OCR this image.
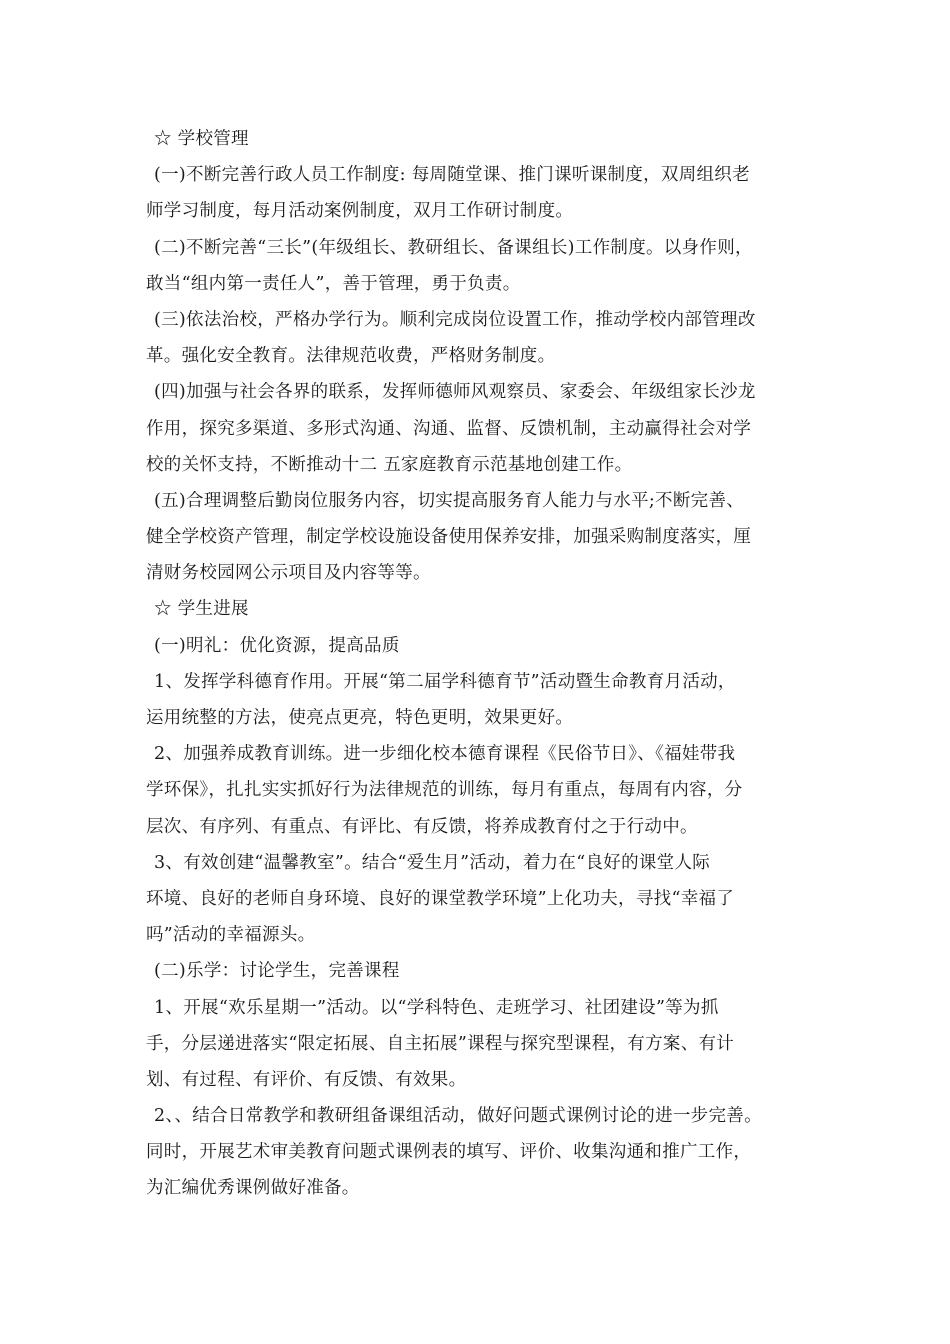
☆ 学校管理
(一)不断完善行政人员工作制度: 每周随堂课、推门课听课制度，双周组织老
师学习制度，每月活动案例制度，双月工作研讨制度。
(二)不断完善“三长”(年级组长、教研组长、备课组长)工作制度。以身作则，
敢当“组内第一责任人”，善于管理，勇于负责。
(三)依法治校，严格办学行为。顺利完成岗位设置工作，推动学校内部管理改
革。强化安全教育。法律规范收费，严格财务制度。
(四)加强与社会各界的联系，发挥师德师风观察员、家委会、年级组家长沙龙
作用，探究多渠道、多形式沟通、沟通、监督、反馈机制，主动赢得社会对学
校的关怀支持，不断推动十二 五家庭教育示范基地创建工作。
(五)合理调整后勤岗位服务内容，切实提高服务育人能力与水平;不断完善、
健全学校资产管理，制定学校设施设备使用保养安排，加强采购制度落实，厘
清财务校园网公示项目及内容等等。
☆ 学生进展
(一)明礼：优化资源，提高品质
1、发挥学科德育作用。开展“第二届学科德育节”活动暨生命教育月活动，
运用统整的方法，使亮点更亮，特色更明，效果更好。
2、加强养成教育训练。进一步细化校本德育课程《民俗节日》、《福娃带我
学环保》，扎扎实实抓好行为法律规范的训练，每月有重点，每周有内容，分
层次、有序列、有重点、有评比、有反馈，将养成教育付之于行动中。
3、有效创建“温馨教室”。结合“爱生月”活动，着力在“良好的课堂人际
环境、良好的老师自身环境、良好的课堂教学环境”上化功夫，寻找“幸福了
吗”活动的幸福源头。
(二)乐学：讨论学生，完善课程
1、开展“欢乐星期一”活动。以“学科特色、走班学习、社团建设”等为抓
手，分层递进落实“限定拓展、自主拓展”课程与探究型课程，有方案、有计
划、有过程、有评价、有反馈、有效果。
2、、结合日常教学和教研组备课组活动，做好问题式课例讨论的进一步完善。
同时，开展艺术审美教育问题式课例表的填写、评价、收集沟通和推广工作，
为汇编优秀课例做好准备。
